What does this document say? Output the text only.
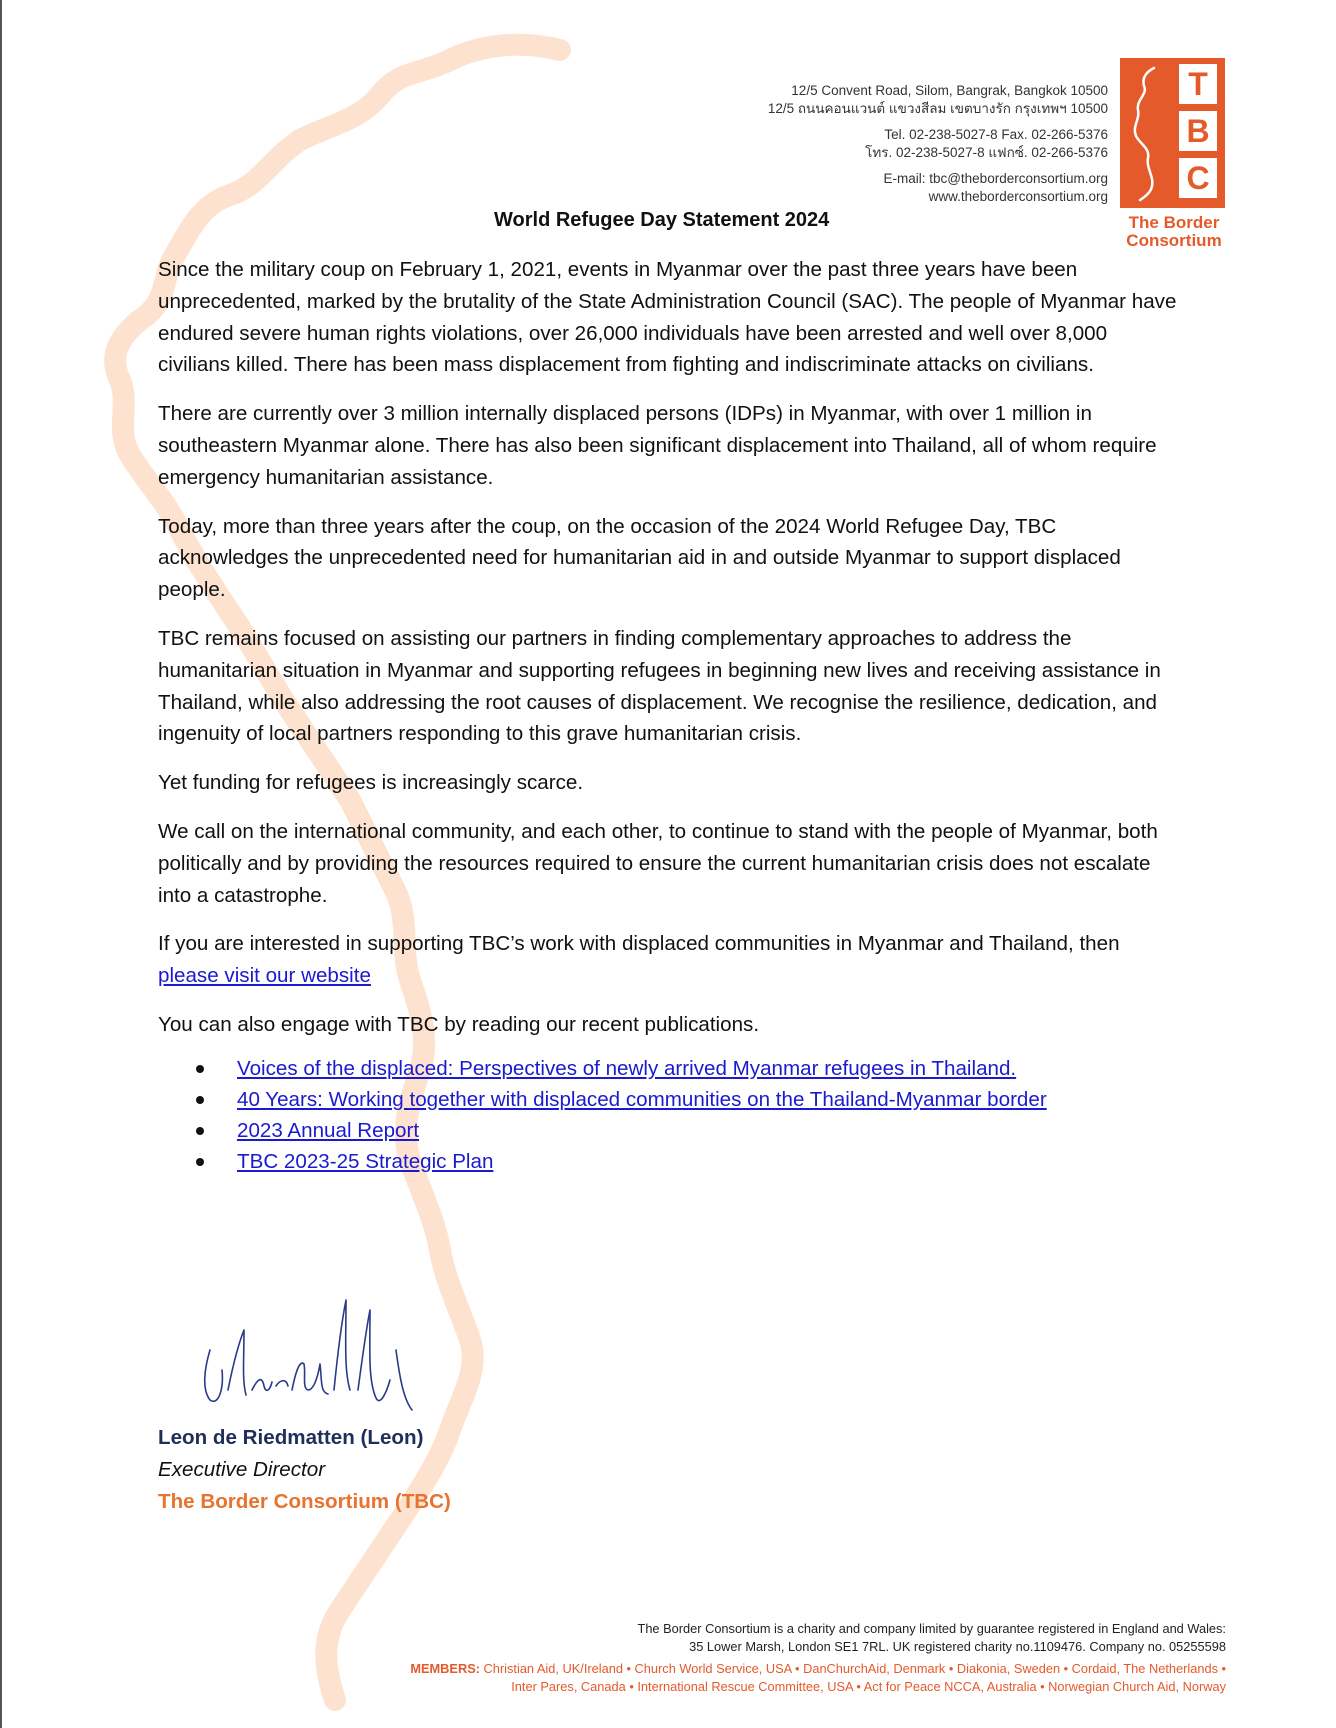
12/5 Convent Road, Silom, Bangrak, Bangkok 10500
12/5 ถนนคอนแวนต์ แขวงสีลม เขตบางรัก กรุงเทพฯ 10500
Tel. 02-238-5027-8 Fax. 02-266-5376
โทร. 02-238-5027-8 แฟกซ์. 02-266-5376
E-mail: tbc@theborderconsortium.org
www.theborderconsortium.org
T
B
C
The Border
Consortium
World Refugee Day Statement 2024

Since the military coup on February 1, 2021, events in Myanmar over the past three years have been unprecedented, marked by the brutality of the State Administration Council (SAC). The people of Myanmar have endured severe human rights violations, over 26,000 individuals have been arrested and well over 8,000 civilians killed. There has been mass displacement from fighting and indiscriminate attacks on civilians.

There are currently over 3 million internally displaced persons (IDPs) in Myanmar, with over 1 million in southeastern Myanmar alone. There has also been significant displacement into Thailand, all of whom require emergency humanitarian assistance.

Today, more than three years after the coup, on the occasion of the 2024 World Refugee Day, TBC acknowledges the unprecedented need for humanitarian aid in and outside Myanmar to support displaced people.

TBC remains focused on assisting our partners in finding complementary approaches to address the humanitarian situation in Myanmar and supporting refugees in beginning new lives and receiving assistance in Thailand, while also addressing the root causes of displacement. We recognise the resilience, dedication, and ingenuity of local partners responding to this grave humanitarian crisis.

Yet funding for refugees is increasingly scarce.

We call on the international community, and each other, to continue to stand with the people of Myanmar, both politically and by providing the resources required to ensure the current humanitarian crisis does not escalate into a catastrophe.

If you are interested in supporting TBC’s work with displaced communities in Myanmar and Thailand, then please visit our website

You can also engage with TBC by reading our recent publications.

Voices of the displaced: Perspectives of newly arrived Myanmar refugees in Thailand.
40 Years: Working together with displaced communities on the Thailand-Myanmar border
2023 Annual Report
TBC 2023-25 Strategic Plan
Leon de Riedmatten (Leon)
Executive Director
The Border Consortium (TBC)
The Border Consortium is a charity and company limited by guarantee registered in England and Wales:
35 Lower Marsh, London SE1 7RL. UK registered charity no.1109476. Company no. 05255598
MEMBERS: Christian Aid, UK/Ireland • Church World Service, USA • DanChurchAid, Denmark • Diakonia, Sweden • Cordaid, The Netherlands •
Inter Pares, Canada • International Rescue Committee, USA • Act for Peace NCCA, Australia • Norwegian Church Aid, Norway
